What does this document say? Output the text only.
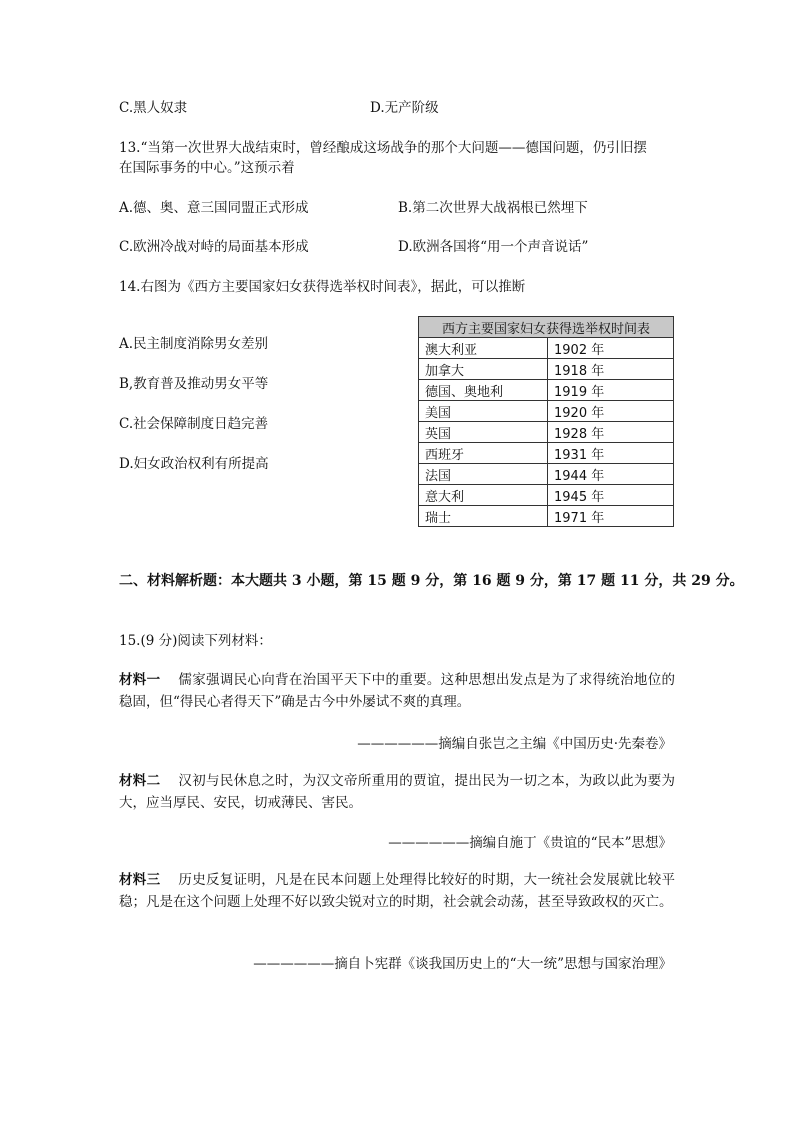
C.黑人奴隶	D.无产阶级
13.“当第一次世界大战结束时，曾经酿成这场战争的那个大问题——德国问题，仍引旧摆
在国际事务的中心。”这预示着
A.德、奥、意三国同盟正式形成	B.第二次世界大战祸根已然埋下
C.欧洲冷战对峙的局面基本形成	D.欧洲各国将“用一个声音说话”
14.右图为《西方主要国家妇女获得选举权时间表》，据此，可以推断
A.民主制度消除男女差别
B,教育普及推动男女平等
C.社会保障制度日趋完善
D.妇女政治权利有所提高
西方主要国家妇女获得选举权时间表	
澳大利亚	1902 年
加拿大	1918 年
德国、奥地利	1919 年
美国	1920 年
英国	1928 年
西班牙	1931 年
法国	1944 年
意大利	1945 年
瑞士	1971 年
二、材料解析题：本大题共 3 小题，第 15 题 9 分，第 16 题 9 分，第 17 题 11 分，共 29 分。
15.(9 分)阅读下列材料：
材料一 儒家强调民心向背在治国平天下中的重要。这种思想出发点是为了求得统治地位的稳固，但“得民心者得天下”确是古今中外屡试不爽的真理。
——————摘编自张岂之主编《中国历史·先秦卷》
材料二 汉初与民休息之时，为汉文帝所重用的贾谊，提出民为一切之本，为政以此为要为大，应当厚民、安民，切戒薄民、害民。
——————摘编自施丁《贵谊的“民本”思想》
材料三 历史反复证明，凡是在民本问题上处理得比较好的时期，大一统社会发展就比较平稳；凡是在这个问题上处理不好以致尖锐对立的时期，社会就会动荡，甚至导致政权的灭亡。
——————摘自卜宪群《谈我国历史上的“大一统”思想与国家治理》
